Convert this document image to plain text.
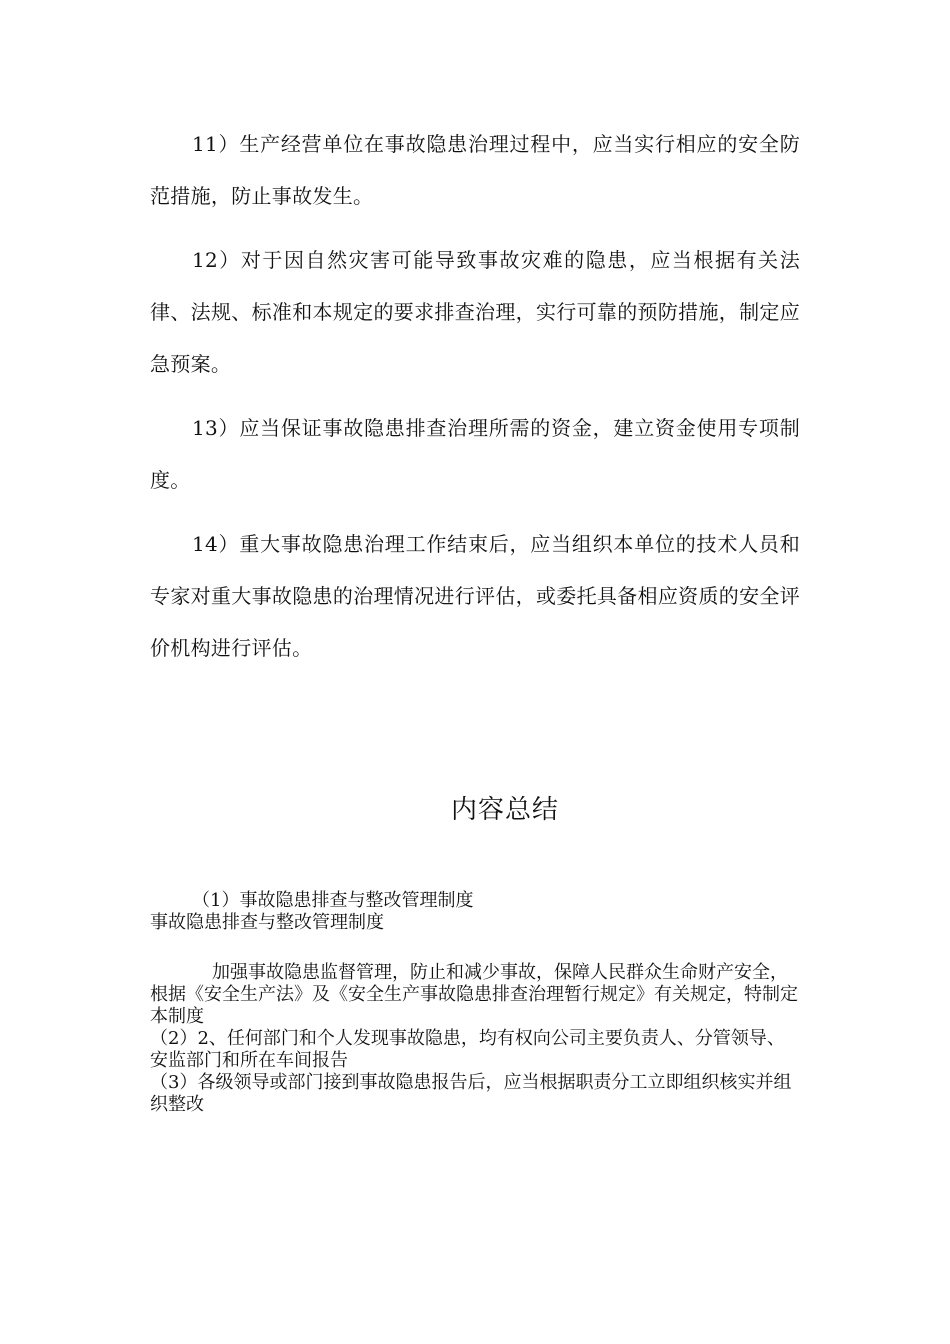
11）生产经营单位在事故隐患治理过程中，应当实行相应的安全防范措施，防止事故发生。

12）对于因自然灾害可能导致事故灾难的隐患，应当根据有关法律、法规、标准和本规定的要求排查治理，实行可靠的预防措施，制定应急预案。

13）应当保证事故隐患排查治理所需的资金，建立资金使用专项制度。

14）重大事故隐患治理工作结束后，应当组织本单位的技术人员和专家对重大事故隐患的治理情况进行评估，或委托具备相应资质的安全评价机构进行评估。

内容总结

（1）事故隐患排查与整改管理制度

事故隐患排查与整改管理制度

加强事故隐患监督管理，防止和减少事故，保障人民群众生命财产安全，根据《安全生产法》及《安全生产事故隐患排查治理暂行规定》有关规定，特制定本制度

（2）2、任何部门和个人发现事故隐患，均有权向公司主要负责人、分管领导、安监部门和所在车间报告

（3）各级领导或部门接到事故隐患报告后，应当根据职责分工立即组织核实并组织整改
